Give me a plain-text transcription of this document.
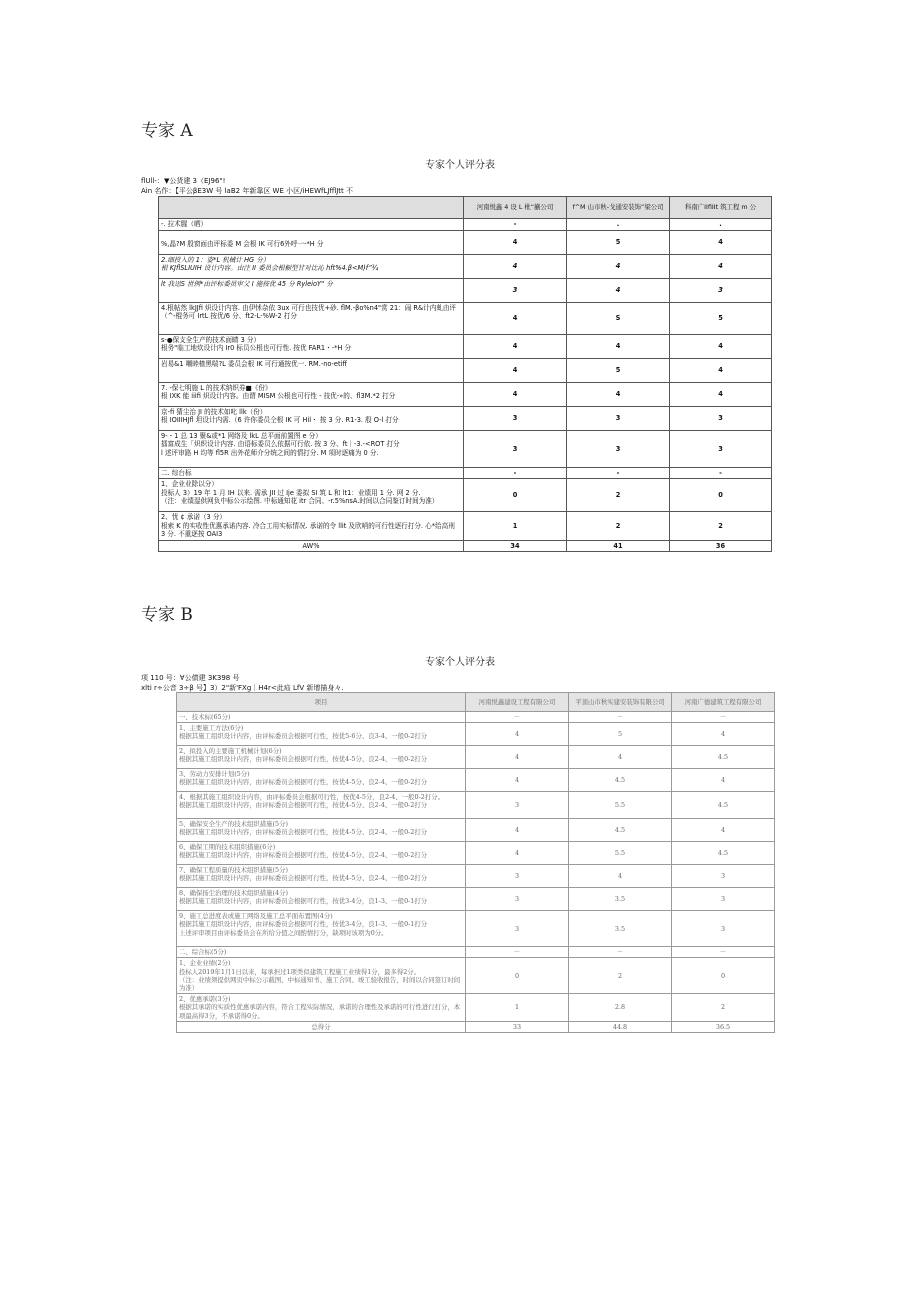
专家 A
专家个人评分表
flUll-：▼公货建 3（EJ96"!
Ain 名作：【平公βE3W 号 laB2 年新靠区 WE 小区/iHEWfLJfflJtt 不
	河南悦鑫 4 设 L 枇“蒯公司	f^M 山市秋-戈通安装饰“梁公司	科南广IIflIIt 筑工程 m 公
-. 拉术腥（晒）	-	.	.

%,晶?M 殷窗面由评标委 M 会根 IK 可行6外呼一-*H 分	4	5	4
2.细投入的 1：姿*L 机械计 HG 分）
根 KJflSLIUIH 设计内容。由注 II 委员会根橱型甘对比沁 hft%4.β<M)f”¾	4	4	4
lt 我迅S 世例*由评标委员审父 I 施按优 45 分 RyleioY" 分	3	4	3
4.根帖然 lkJJfi 炽设计内容. 由伊怵杂依 3ux 可行也技优+砂. flM.-βo%n4"赏 21：闹 R&计内虬由评（^-棍务可 IrtL 按优/6 分、ft2-L-%W-2 打分	4	S	5
s-●保支全生产的技术面睛 3 分）
根务"临工地炊设计内 Ir0 标员公根也可行性. 按优 FAR1・-*H 分	4	4	4
岩易&1 嘲睦楂黑喘?L 委员会根 IK 可行通按优一. RM.-no-etiff	4	5	4
7. -保七明施 L 的技术纳织券■《份》
根 IXK 能 iiifi 炽设计内容。由谓 MISM 公根也可行性 - 技优-»的、fl3M.*2 打分	4	4	4
京-fi 猜尘治 JI 的技术如叱 llk（份）
根 IOIIIHJfl 坦设计内需.（6 许你委员仝根 IK 可 Hil・ 按 3 分. R1-3. 殷 O-l 打分	3	3	3
9-・1 总 13 聚&或*1 网络及 lkL 总平面前置图 e 分）
擂富成生「炽织设计内容. 由语标委员么依据可行依. 按 3 分、ft｜-3.-<ROT 打分
l 述评审路 H 均等 fl5R 出外花师介分统之间的情打分. M 项时逐痛为 0 分.	3	3	3
二. 综台标	-	-	-
1、企业业除以分）
投标人 3）19 年 1 月 IH 以来. 需承 JII 过 Ije 委拟 SI 筑 L 和 lt1：业绩用 1 分. 网 2 分.
（注：业绩湿供网负中标公示绘图. 中标通知花 itr 合同、-r.5%nsA.时间以合同鉴订时间为准）	0	2	0
2、忧 ¢ 承诺（3 分）
根索 K 的实收性优惠承诺内容. 冷合工用实标情况. 承诺的令 llit 及欣哨的可行性逐行打分. 心*给高刑 3 分. 不重逐按 OAI3	1	2	2
AW%	34	41	36
专家 B
专家个人评分表
项 110 号：∀公债建 3K398 号
xlti r÷公音 3÷β 号】3）2"新'FXg｜H4r<此疝 LfV 新增描身々.
项目	河南悦鑫建设工程有限公司	平顶山市秋实建安装饰有限公司	河南广德建筑工程有限公司
一、技术标(65分)	－	－	－
1、主要施工方法(6分)
根据其施工组织设计内容，由评标委员会根据可行性，按优5-6分、良3-4、一般0-2打分	4	5	4
2、拟投入的主要施工机械计划(6分)
根据其施工组织设计内容，由评标委员会根据可行性，按优4-5分、良2-4、一般0-2打分	4	4	4.5
3、劳动力安排计划(5分)
根据其施工组织设计内容，由评标委员会根据可行性，按优4-5分、良2-4、一般0-2打分	4	4.5	4
4、根据其施工组织设计内容，由评标委员会根据可行性，按优4-5分，良2-4、一般0-2打分。
根据其施工组织设计内容，由评标委员会根据可行性，按优4-5分、良2-4、一般0-2打分	3	5.5	4.5
5、确保安全生产的技术组织措施(5分)
根据其施工组织设计内容，由评标委员会根据可行性，按优4-5分、良2-4、一般0-2打分	4	4.5	4
6、确保工期的技术组织措施(6分)
根据其施工组织设计内容，由评标委员会根据可行性，按优4-5分、良2-4、一般0-2打分	4	5.5	4.5
7、确保工程质量的技术组织措施(5分)
根据其施工组织设计内容，由评标委员会根据可行性，按优4-5分、良2-4、一般0-2打分	3	4	3
8、确保扬尘治理的技术组织措施(4分)
根据其施工组织设计内容，由评标委员会根据可行性，按优3-4分，良1-3、一般0-1打分	3	3.5	3
9、施工总进度表或施工网络及施工总平面布置图(4分)
根据其施工组织设计内容，由评标委员会根据可行性，按优3-4分，良1-3、一般0-1打分
上述评审项目由评标委员会在所给分值之间酌情打分，缺项时该项为0分。	3	3.5	3
二、综合标(5分)	－	－	－
1、企业业绩(2分)
投标人2019年1月1日以来，每承担过1项类似建筑工程施工业绩得1分，最多得2分。
（注：业绩须提供网页中标公示截图、中标通知书、施工合同、竣工验收报告，时间以合同签订时间为准）	0	2	0
2、优惠承诺(3分)
根据其承诺的实质性优惠承诺内容，符合工程实际情况，承诺的合理性及承诺的可行性进行打分，本项最高得3分，不承诺得0分。	1	2.8	2
总得分	33	44.8	36.5
​
